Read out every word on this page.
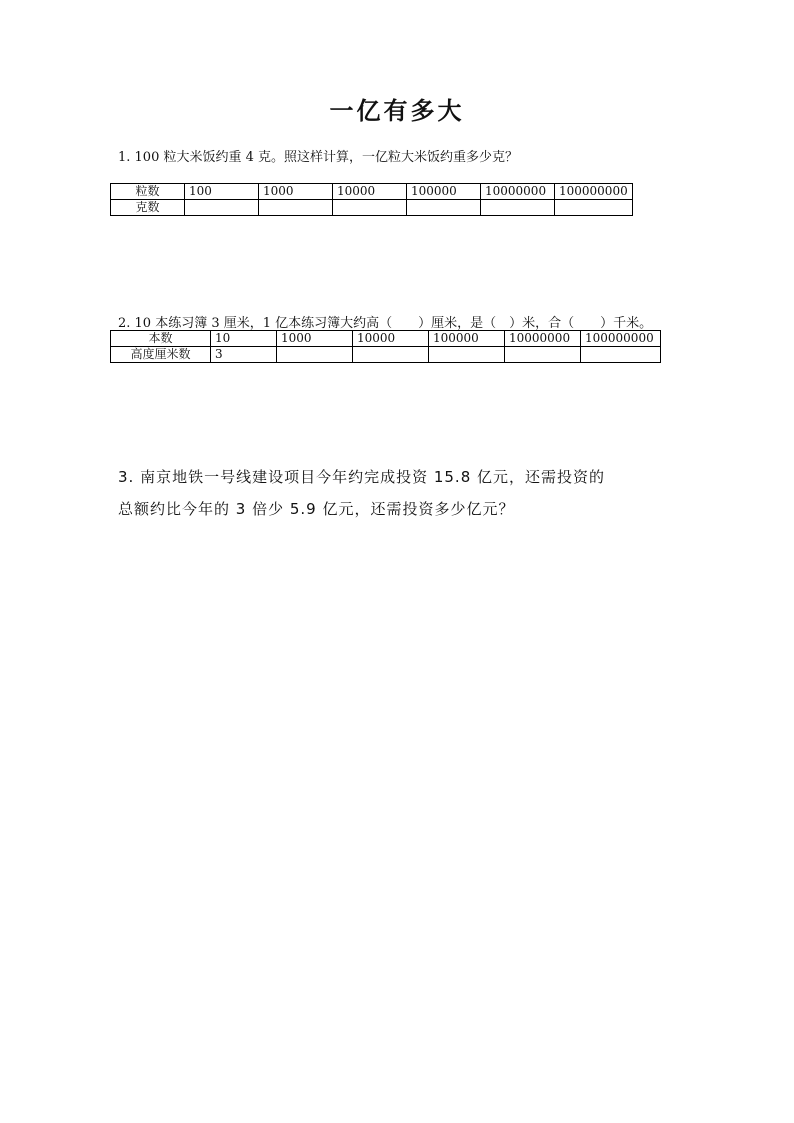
一亿有多大
1. 100 粒大米饭约重 4 克。照这样计算，一亿粒大米饭约重多少克？
粒数	100	1000	10000	100000	10000000	100000000
克数						
2. 10 本练习簿 3 厘米，1 亿本练习簿大约高（　　）厘米，是（　）米，合（　　）千米。
本数	10	1000	10000	100000	10000000	100000000
高度厘米数	3					
3. 南京地铁一号线建设项目今年约完成投资 15.8 亿元，还需投资的
总额约比今年的 3 倍少 5.9 亿元，还需投资多少亿元？
